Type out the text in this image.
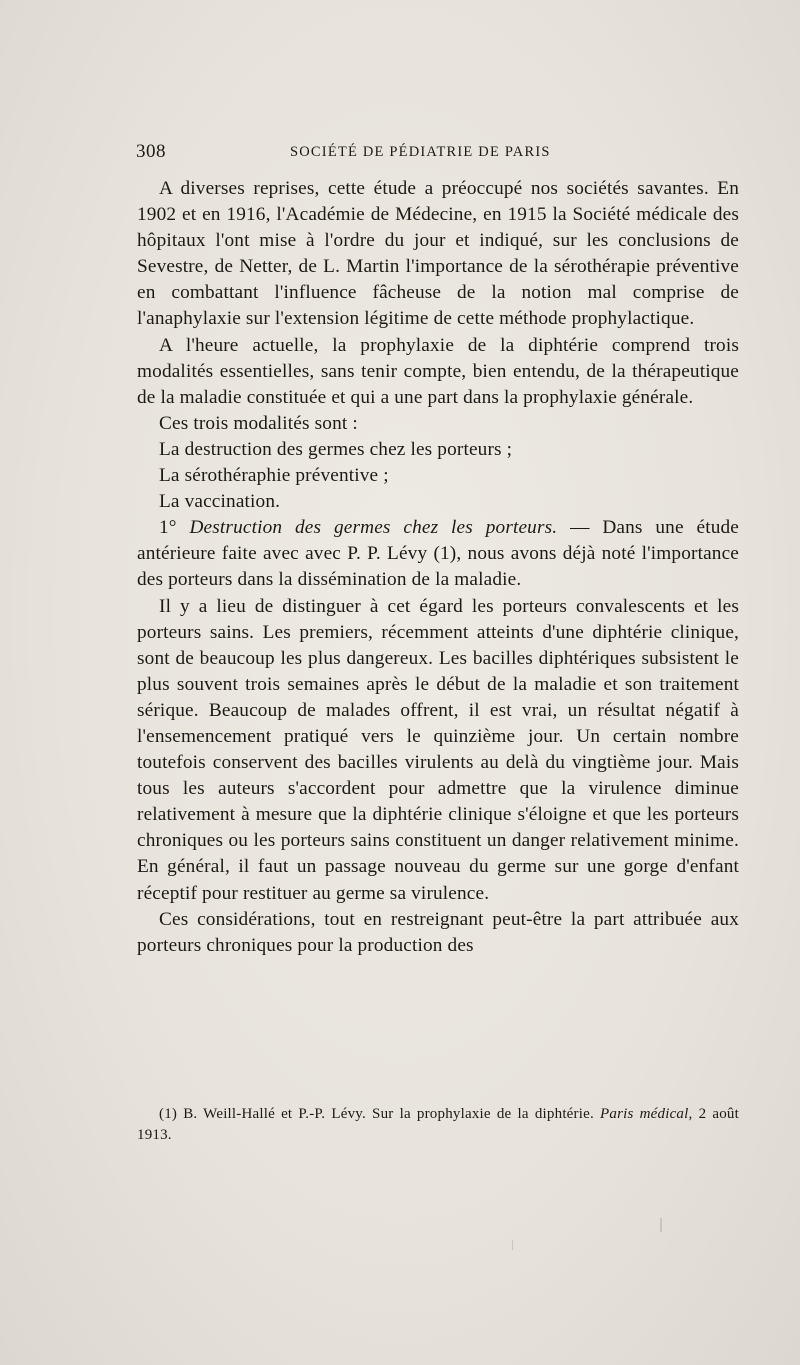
308	SOCIÉTÉ DE PÉDIATRIE DE PARIS

A diverses reprises, cette étude a préoccupé nos sociétés savantes. En 1902 et en 1916, l'Académie de Médecine, en 1915 la Société médicale des hôpitaux l'ont mise à l'ordre du jour et indiqué, sur les conclusions de Sevestre, de Netter, de L. Martin l'importance de la sérothérapie préventive en combattant l'influence fâcheuse de la notion mal comprise de l'anaphylaxie sur l'extension légitime de cette méthode prophylactique.

A l'heure actuelle, la prophylaxie de la diphtérie comprend trois modalités essentielles, sans tenir compte, bien entendu, de la thérapeutique de la maladie constituée et qui a une part dans la prophylaxie générale.

Ces trois modalités sont :

La destruction des germes chez les porteurs ;

La sérothéraphie préventive ;

La vaccination.

1° Destruction des germes chez les porteurs. — Dans une étude antérieure faite avec avec P. P. Lévy (1), nous avons déjà noté l'importance des porteurs dans la dissémination de la maladie.

Il y a lieu de distinguer à cet égard les porteurs convalescents et les porteurs sains. Les premiers, récemment atteints d'une diphtérie clinique, sont de beaucoup les plus dangereux. Les bacilles diphtériques subsistent le plus souvent trois semaines après le début de la maladie et son traitement sérique. Beaucoup de malades offrent, il est vrai, un résultat négatif à l'ensemencement pratiqué vers le quinzième jour. Un certain nombre toutefois conservent des bacilles virulents au delà du vingtième jour. Mais tous les auteurs s'accordent pour admettre que la virulence diminue relativement à mesure que la diphtérie clinique s'éloigne et que les porteurs chroniques ou les porteurs sains constituent un danger relativement minime. En général, il faut un passage nouveau du germe sur une gorge d'enfant réceptif pour restituer au germe sa virulence.

Ces considérations, tout en restreignant peut-être la part attribuée aux porteurs chroniques pour la production des

(1) B. Weill-Hallé et P.-P. Lévy. Sur la prophylaxie de la diphtérie. Paris médical, 2 août 1913.
